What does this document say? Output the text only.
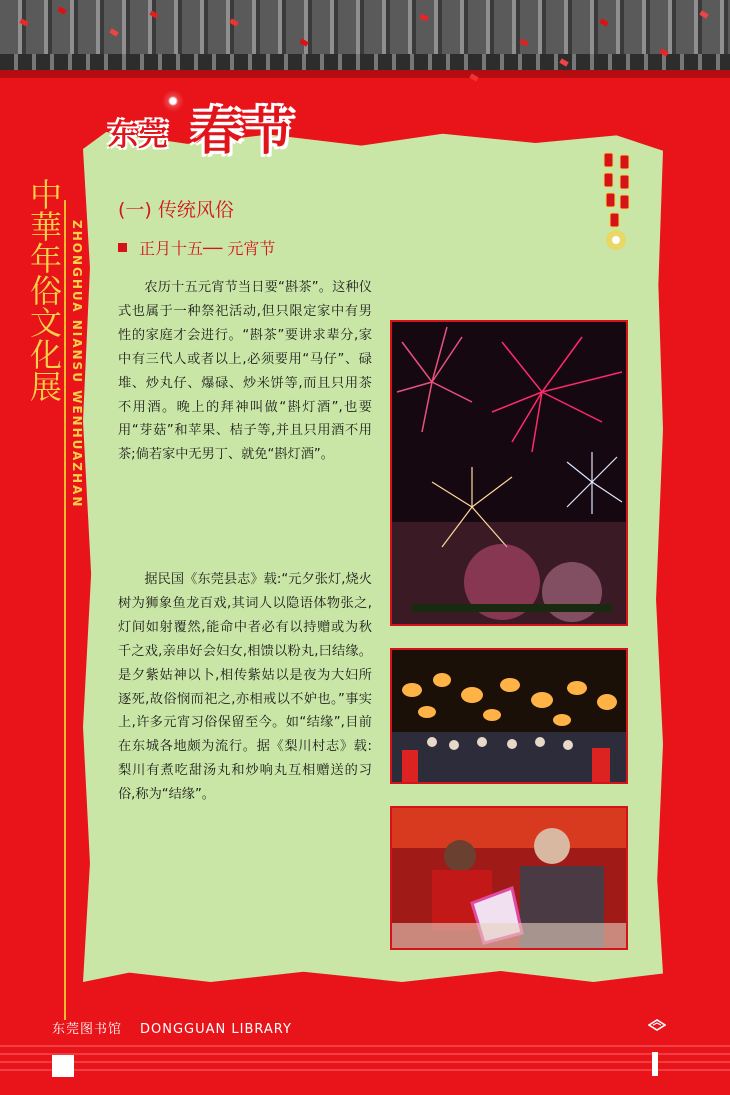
东莞 春节
中華年俗文化展 ZHONGHUA NIANSU WENHUAZHAN
(一) 传统风俗
正月十五── 元宵节

农历十五元宵节当日要“斟茶”。这种仪式也属于一种祭祀活动,但只限定家中有男性的家庭才会进行。“斟茶”要讲求辈分,家中有三代人或者以上,必须要用“马仔”、碌堆、炒丸仔、爆碌、炒米饼等,而且只用茶不用酒。晚上的拜神叫做“斟灯酒”,也要用“芽菇”和苹果、桔子等,并且只用酒不用茶;倘若家中无男丁、就免“斟灯酒”。

据民国《东莞县志》载:“元夕张灯,烧火树为狮象鱼龙百戏,其词人以隐语体物张之,灯间如射覆然,能命中者必有以持赠或为秋千之戏,亲串好会妇女,相馈以粉丸,曰结缘。是夕紫姑神以卜,相传紫姑以是夜为大妇所逐死,故俗悯而祀之,亦相戒以不妒也。”事实上,许多元宵习俗保留至今。如“结缘”,目前在东城各地颇为流行。据《梨川村志》载:梨川有煮吃甜汤丸和炒响丸互相赠送的习俗,称为“结缘”。

东莞图书馆 DONGGUAN LIBRARY
